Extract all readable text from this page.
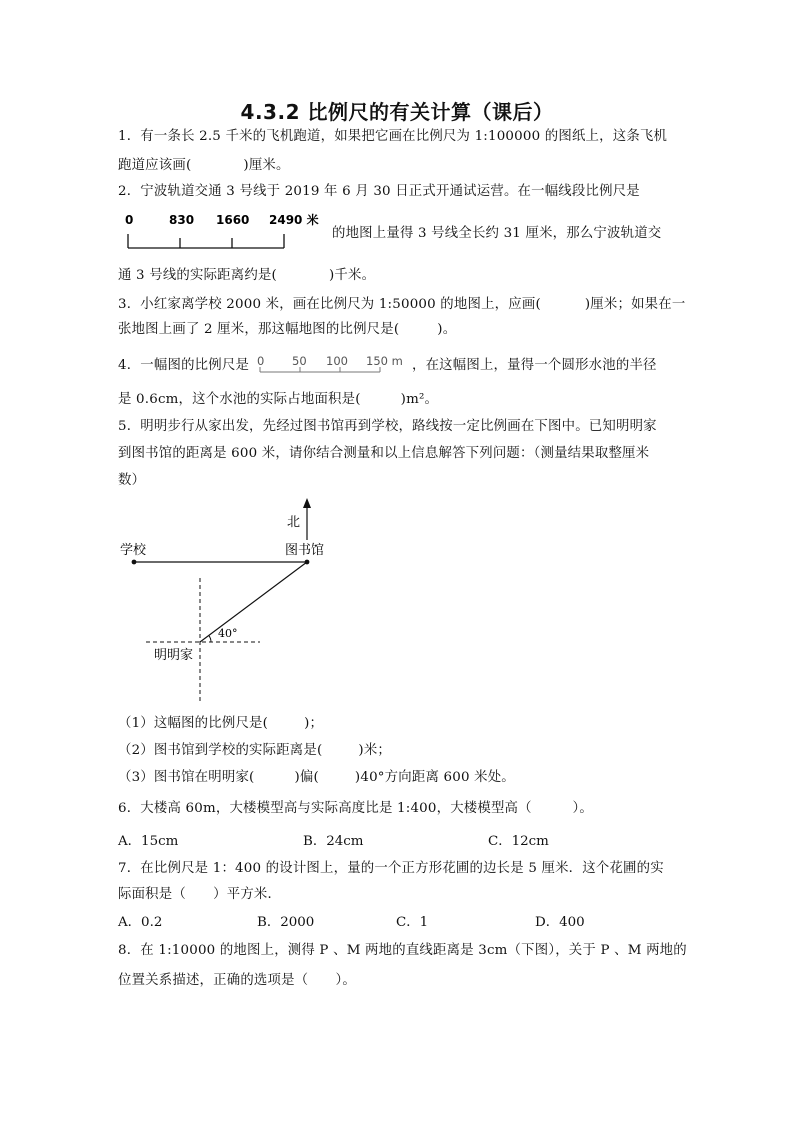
4.3.2 比例尺的有关计算（课后）
1．有一条长 2.5 千米的飞机跑道，如果把它画在比例尺为 1:100000 的图纸上，这条飞机
跑道应该画(	)厘米。
2．宁波轨道交通 3 号线于 2019 年 6 月 30 日正式开通试运营。在一幅线段比例尺是
0	830 1660 2490 米
的地图上量得 3 号线全长约 31 厘米，那么宁波轨道交
通 3 号线的实际距离约是(	)千米。
3．小红家离学校 2000 米，画在比例尺为 1:50000 的地图上，应画(	)厘米；如果在一
张地图上画了 2 厘米，那这幅地图的比例尺是(	)。
4．一幅图的比例尺是 0 50 100 150 m ，在这幅图上，量得一个圆形水池的半径
是 0.6cm，这个水池的实际占地面积是(	)m²。
5．明明步行从家出发，先经过图书馆再到学校，路线按一定比例画在下图中。已知明明家
到图书馆的距离是 600 米，请你结合测量和以上信息解答下列问题：（测量结果取整厘米
数）
北
学校	图书馆
40°
明明家
（1）这幅图的比例尺是(	)；
（2）图书馆到学校的实际距离是(	)米；
（3）图书馆在明明家(	)偏(	)40°方向距离 600 米处。
6．大楼高 60m，大楼模型高与实际高度比是 1:400，大楼模型高（　　　）。
A．15cm	B．24cm	C．12cm
7．在比例尺是 1：400 的设计图上，量的一个正方形花圃的边长是 5 厘米．这个花圃的实
际面积是（　　）平方米．
A．0.2	B．2000	C．1	D．400
8．在 1:10000 的地图上，测得 P 、M 两地的直线距离是 3cm（下图），关于 P 、M 两地的
位置关系描述，正确的选项是（　　）。
